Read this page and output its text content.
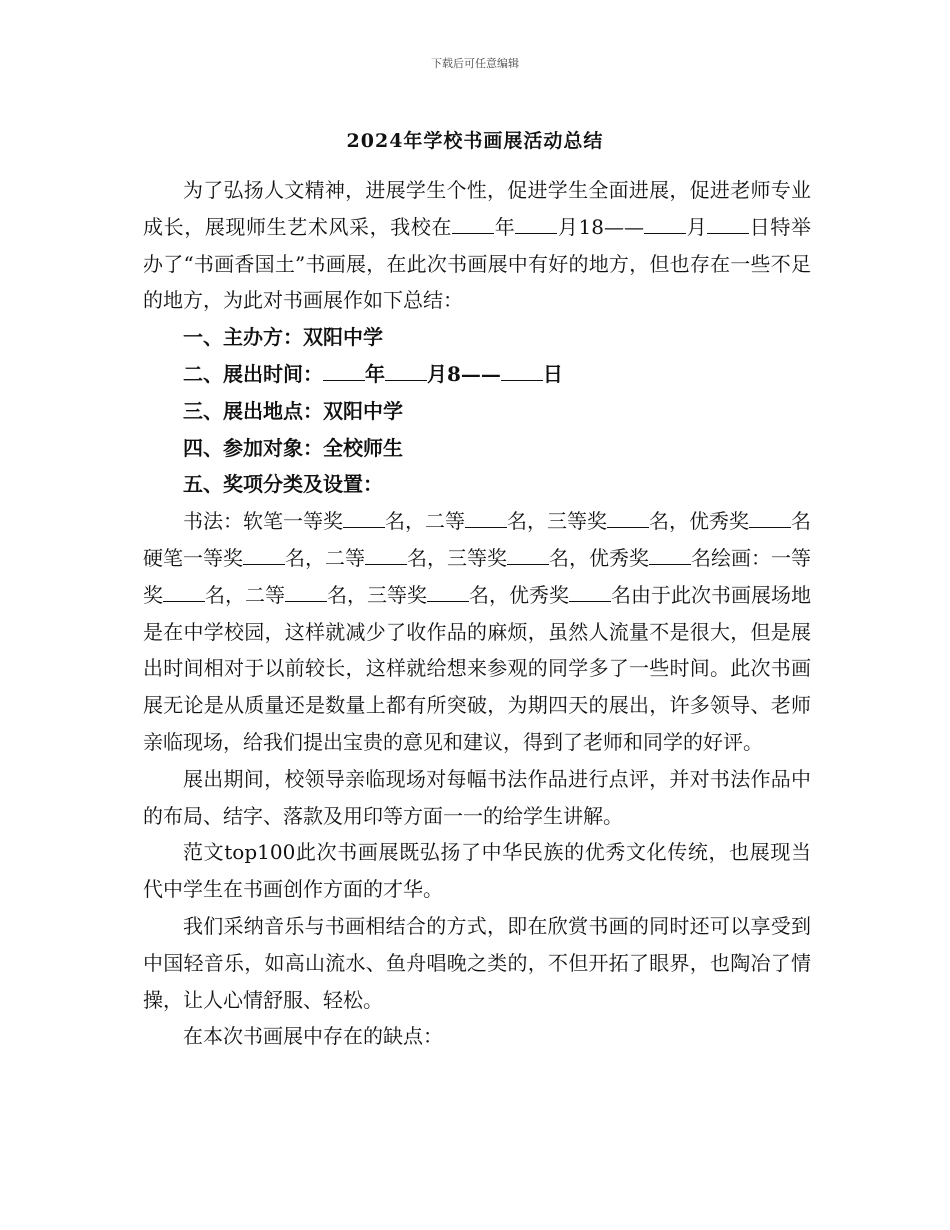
下载后可任意编辑
2024年学校书画展活动总结

为了弘扬人文精神，进展学生个性，促进学生全面进展，促进老师专业成长，展现师生艺术风采，我校在 年 月18—— 月 日特举办了“书画香国土”书画展，在此次书画展中有好的地方，但也存在一些不足的地方，为此对书画展作如下总结：

一、主办方：双阳中学

二、展出时间： 年 月8—— 日

三、展出地点：双阳中学

四、参加对象：全校师生

五、奖项分类及设置：

书法：软笔一等奖 名，二等 名，三等奖 名，优秀奖 名硬笔一等奖 名，二等 名，三等奖 名，优秀奖 名绘画：一等奖 名，二等 名，三等奖 名，优秀奖 名由于此次书画展场地是在中学校园，这样就减少了收作品的麻烦，虽然人流量不是很大，但是展出时间相对于以前较长，这样就给想来参观的同学多了一些时间。此次书画展无论是从质量还是数量上都有所突破，为期四天的展出，许多领导、老师亲临现场，给我们提出宝贵的意见和建议，得到了老师和同学的好评。

展出期间，校领导亲临现场对每幅书法作品进行点评，并对书法作品中的布局、结字、落款及用印等方面一一的给学生讲解。

范文top100此次书画展既弘扬了中华民族的优秀文化传统，也展现当代中学生在书画创作方面的才华。

我们采纳音乐与书画相结合的方式，即在欣赏书画的同时还可以享受到中国轻音乐，如高山流水、鱼舟唱晚之类的，不但开拓了眼界，也陶冶了情操，让人心情舒服、轻松。

在本次书画展中存在的缺点：
